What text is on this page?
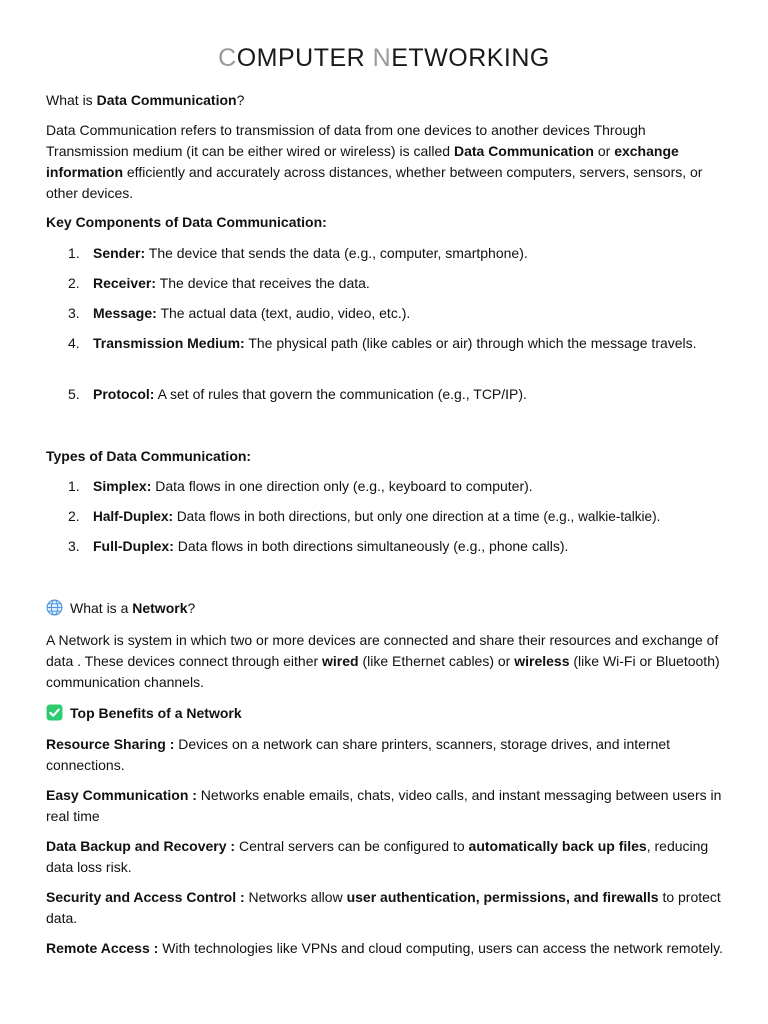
COMPUTER NETWORKING

What is Data Communication?

Data Communication refers to transmission of data from one devices to another devices Through Transmission medium (it can be either wired or wireless) is called Data Communication or exchange information efficiently and accurately across distances, whether between computers, servers, sensors, or other devices.

Key Components of Data Communication:

1. Sender: The device that sends the data (e.g., computer, smartphone).
2. Receiver: The device that receives the data.
3. Message: The actual data (text, audio, video, etc.).
4. Transmission Medium: The physical path (like cables or air) through which the message travels.
5. Protocol: A set of rules that govern the communication (e.g., TCP/IP).

Types of Data Communication:

1. Simplex: Data flows in one direction only (e.g., keyboard to computer).
2. Half-Duplex: Data flows in both directions, but only one direction at a time (e.g., walkie-talkie).
3. Full-Duplex: Data flows in both directions simultaneously (e.g., phone calls).

What is a Network?

A Network is system in which two or more devices are connected and share their resources and exchange of data . These devices connect through either wired (like Ethernet cables) or wireless (like Wi-Fi or Bluetooth) communication channels.

Top Benefits of a Network

Resource Sharing : Devices on a network can share printers, scanners, storage drives, and internet connections.

Easy Communication : Networks enable emails, chats, video calls, and instant messaging between users in real time

Data Backup and Recovery : Central servers can be configured to automatically back up files, reducing data loss risk.

Security and Access Control : Networks allow user authentication, permissions, and firewalls to protect data.

Remote Access : With technologies like VPNs and cloud computing, users can access the network remotely.
